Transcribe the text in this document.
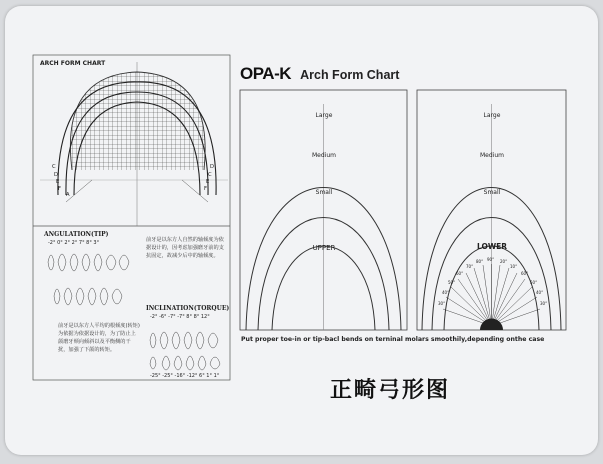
ARCH FORM CHART
C
D
E
F
A
D
C
E
F
ANGULATION(TIP)
-2° 0° 2° 2° 7° 8° 3°	前牙是以东方人自然的轴倾度为依据设计的，因考虑加强磨牙前的支抗固定，故减少后中的轴倾度。
INCLINATION(TORQUE)
-2° -6° -7° -7° 8° 8° 12°
-25° -25° -16° -12° 6° 1° 1°
前牙是以东方人平均的根倾度(转矩)为依据为依据设计的，为了防止上颌磨牙颊向倾斜以及平衡侧的干扰，加强了下颌的转矩。
OPA-K Arch Form Chart
Large
Medium
Small
UPPER
Large
Medium
Small
LOWER
90°
80°
70°
60°
50°
40°
30°
60°
50°
40°
30°
20°
10°
Put proper toe-in or tip-bacl bends on terninal molars smoothily,depending onthe case
正畸弓形图
